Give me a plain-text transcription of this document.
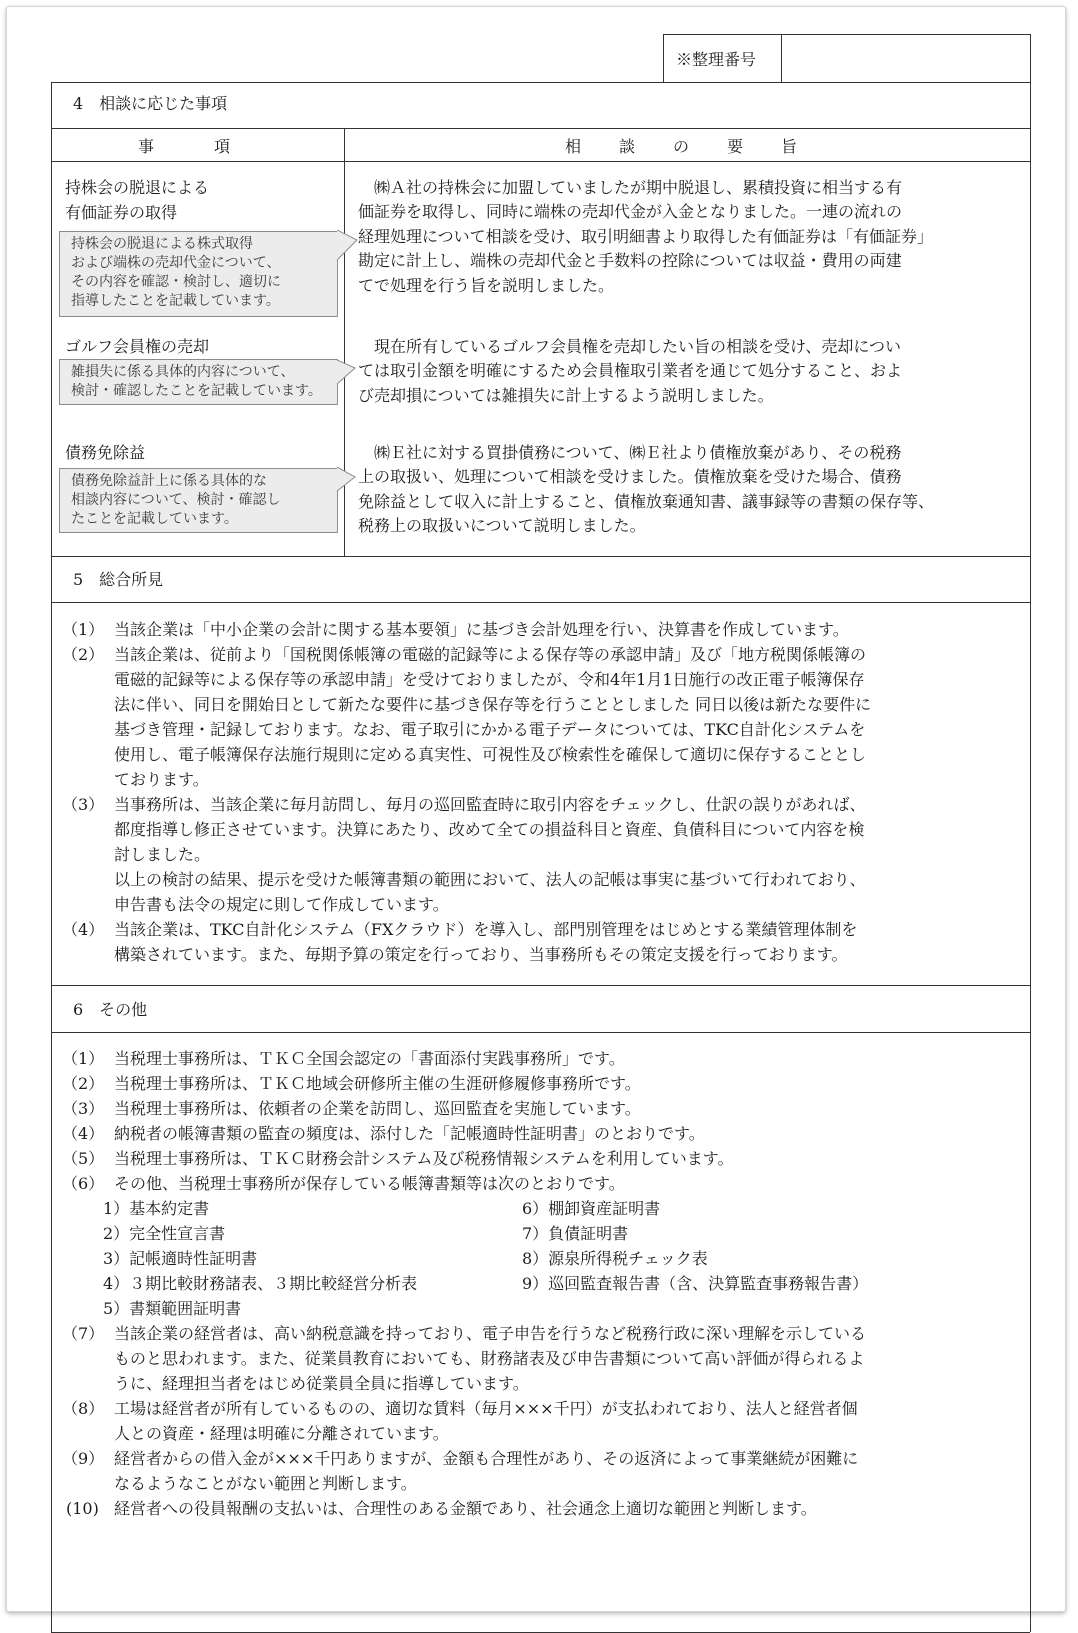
※整理番号
4　相談に応じた事項
事　　　項	相　　談　　の　　要　　旨
持株会の脱退による
有価証券の取得
持株会の脱退による株式取得
および端株の売却代金について、
その内容を確認・検討し、適切に
指導したことを記載しています。
　㈱Ａ社の持株会に加盟していましたが期中脱退し、累積投資に相当する有
価証券を取得し、同時に端株の売却代金が入金となりました。一連の流れの
経理処理について相談を受け、取引明細書より取得した有価証券は「有価証券」
勘定に計上し、端株の売却代金と手数料の控除については収益・費用の両建
てで処理を行う旨を説明しました。
ゴルフ会員権の売却
雑損失に係る具体的内容について、
検討・確認したことを記載しています。
　現在所有しているゴルフ会員権を売却したい旨の相談を受け、売却につい
ては取引金額を明確にするため会員権取引業者を通じて処分すること、およ
び売却損については雑損失に計上するよう説明しました。
債務免除益
債務免除益計上に係る具体的な
相談内容について、検討・確認し
たことを記載しています。
　㈱Ｅ社に対する買掛債務について、㈱Ｅ社より債権放棄があり、その税務
上の取扱い、処理について相談を受けました。債権放棄を受けた場合、債務
免除益として収入に計上すること、債権放棄通知書、議事録等の書類の保存等、
税務上の取扱いについて説明しました。
5　総合所見
（1） 当該企業は「中小企業の会計に関する基本要領」に基づき会計処理を行い、決算書を作成しています。
（2） 当該企業は、従前より「国税関係帳簿の電磁的記録等による保存等の承認申請」及び「地方税関係帳簿の
電磁的記録等による保存等の承認申請」を受けておりましたが、令和4年1月1日施行の改正電子帳簿保存
法に伴い、同日を開始日として新たな要件に基づき保存等を行うこととしました 同日以後は新たな要件に
基づき管理・記録しております。なお、電子取引にかかる電子データについては、TKC自計化システムを
使用し、電子帳簿保存法施行規則に定める真実性、可視性及び検索性を確保して適切に保存することとし
ております。
（3） 当事務所は、当該企業に毎月訪問し、毎月の巡回監査時に取引内容をチェックし、仕訳の誤りがあれば、
都度指導し修正させています。決算にあたり、改めて全ての損益科目と資産、負債科目について内容を検
討しました。
以上の検討の結果、提示を受けた帳簿書類の範囲において、法人の記帳は事実に基づいて行われており、
申告書も法令の規定に則して作成しています。
（4） 当該企業は、TKC自計化システム（FXクラウド）を導入し、部門別管理をはじめとする業績管理体制を
構築されています。また、毎期予算の策定を行っており、当事務所もその策定支援を行っております。
6　その他
（1） 当税理士事務所は、ＴＫＣ全国会認定の「書面添付実践事務所」です。
（2） 当税理士事務所は、ＴＫＣ地域会研修所主催の生涯研修履修事務所です。
（3） 当税理士事務所は、依頼者の企業を訪問し、巡回監査を実施しています。
（4） 納税者の帳簿書類の監査の頻度は、添付した「記帳適時性証明書」のとおりです。
（5） 当税理士事務所は、ＴＫＣ財務会計システム及び税務情報システムを利用しています。
（6） その他、当税理士事務所が保存している帳簿書類等は次のとおりです。
1）基本約定書
2）完全性宣言書
3）記帳適時性証明書
4）３期比較財務諸表、３期比較経営分析表
5）書類範囲証明書
6）棚卸資産証明書
7）負債証明書
8）源泉所得税チェック表
9）巡回監査報告書（含、決算監査事務報告書）
（7） 当該企業の経営者は、高い納税意識を持っており、電子申告を行うなど税務行政に深い理解を示している
ものと思われます。また、従業員教育においても、財務諸表及び申告書類について高い評価が得られるよ
うに、経理担当者をはじめ従業員全員に指導しています。
（8） 工場は経営者が所有しているものの、適切な賃料（毎月×××千円）が支払われており、法人と経営者個
人との資産・経理は明確に分離されています。
（9） 経営者からの借入金が×××千円ありますが、金額も合理性があり、その返済によって事業継続が困難に
なるようなことがない範囲と判断します。
(10) 経営者への役員報酬の支払いは、合理性のある金額であり、社会通念上適切な範囲と判断します。
